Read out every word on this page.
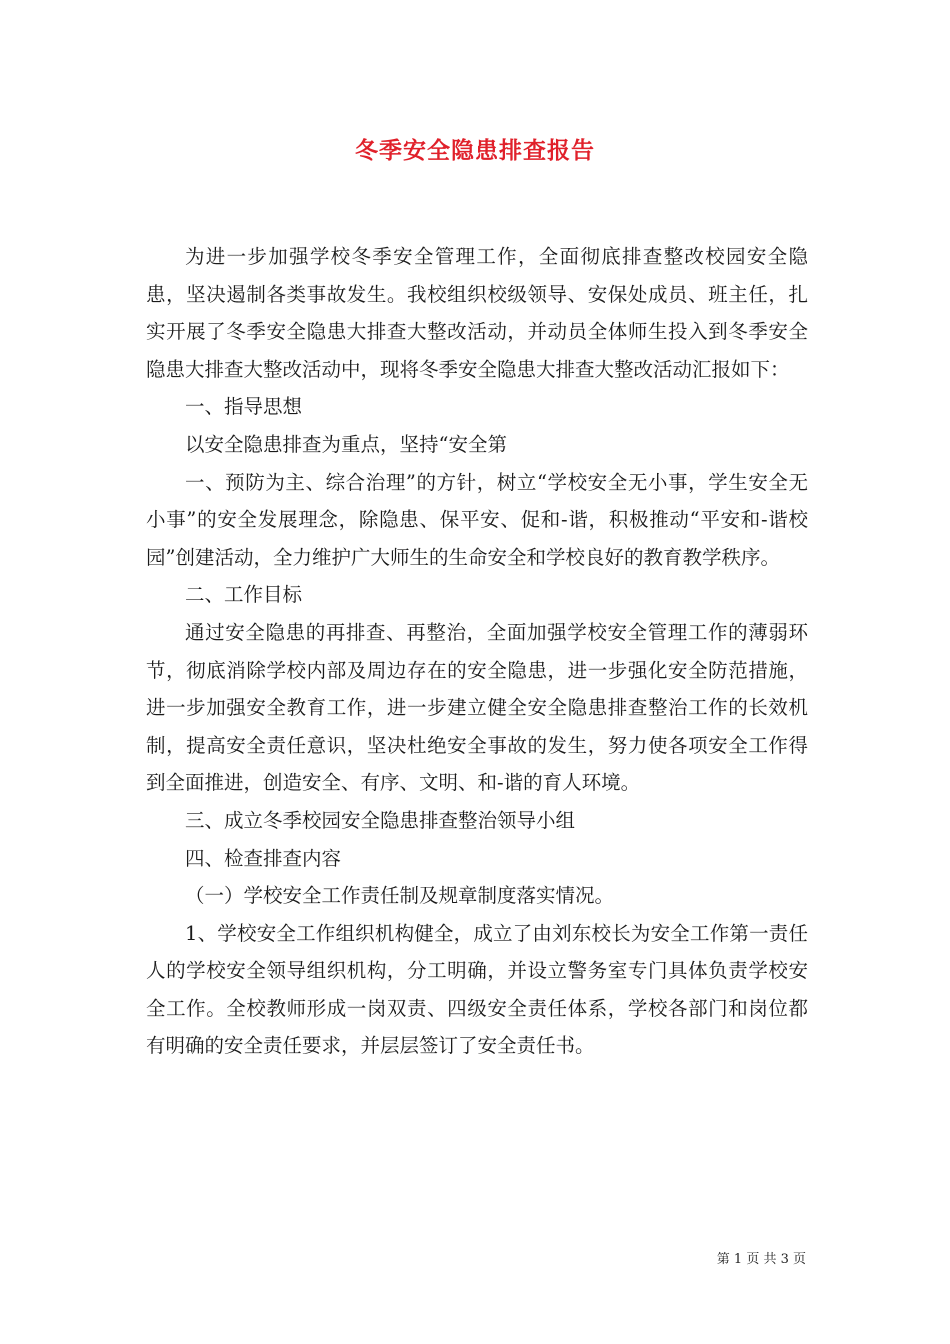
冬季安全隐患排查报告

为进一步加强学校冬季安全管理工作，全面彻底排查整改校园安全隐患，坚决遏制各类事故发生。我校组织校级领导、安保处成员、班主任，扎实开展了冬季安全隐患大排查大整改活动，并动员全体师生投入到冬季安全隐患大排查大整改活动中，现将冬季安全隐患大排查大整改活动汇报如下：

一、指导思想

以安全隐患排查为重点，坚持“安全第

一、预防为主、综合治理”的方针，树立“学校安全无小事，学生安全无小事”的安全发展理念，除隐患、保平安、促和-谐，积极推动“平安和-谐校园”创建活动，全力维护广大师生的生命安全和学校良好的教育教学秩序。

二、工作目标

通过安全隐患的再排查、再整治，全面加强学校安全管理工作的薄弱环节，彻底消除学校内部及周边存在的安全隐患，进一步强化安全防范措施，进一步加强安全教育工作，进一步建立健全安全隐患排查整治工作的长效机制，提高安全责任意识，坚决杜绝安全事故的发生，努力使各项安全工作得到全面推进，创造安全、有序、文明、和-谐的育人环境。

三、成立冬季校园安全隐患排查整治领导小组

四、检查排查内容

（一）学校安全工作责任制及规章制度落实情况。

1、学校安全工作组织机构健全，成立了由刘东校长为安全工作第一责任人的学校安全领导组织机构，分工明确，并设立警务室专门具体负责学校安全工作。全校教师形成一岗双责、四级安全责任体系，学校各部门和岗位都有明确的安全责任要求，并层层签订了安全责任书。

第 1 页 共 3 页
